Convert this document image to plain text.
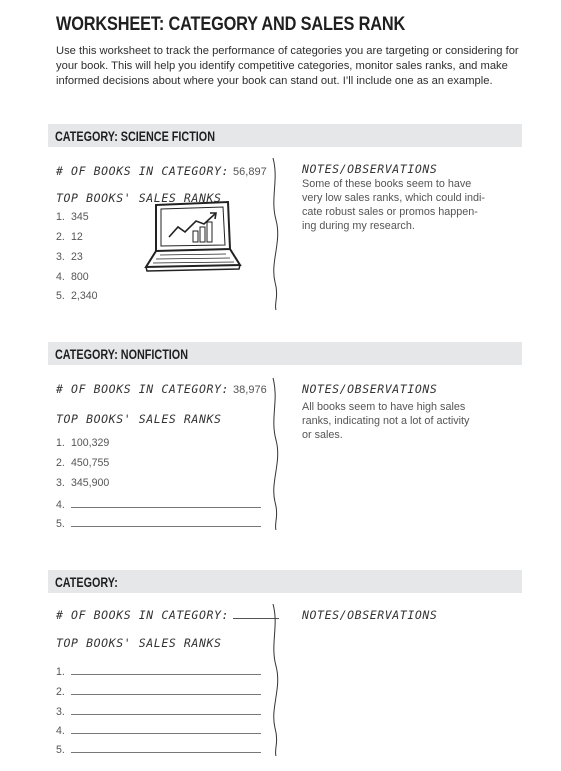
WORKSHEET: CATEGORY AND SALES RANK
Use this worksheet to track the performance of categories you are targeting or considering for your book. This will help you identify competitive categories, monitor sales ranks, and make informed decisions about where your book can stand out. I’ll include one as an example.
CATEGORY: SCIENCE FICTION
# OF BOOKS IN CATEGORY: 56,897
TOP BOOKS' SALES RANKS
1. 345
2. 12
3. 23
4. 800
5. 2,340
NOTES/OBSERVATIONS
Some of these books seem to have
very low sales ranks, which could indi-
cate robust sales or promos happen-
ing during my research.
CATEGORY: NONFICTION
# OF BOOKS IN CATEGORY: 38,976
TOP BOOKS' SALES RANKS
1. 100,329
2. 450,755
3. 345,900
4.
5.
NOTES/OBSERVATIONS
All books seem to have high sales
ranks, indicating not a lot of activity
or sales.
CATEGORY:
# OF BOOKS IN CATEGORY:
TOP BOOKS' SALES RANKS
1.
2.
3.
4.
5.
NOTES/OBSERVATIONS
